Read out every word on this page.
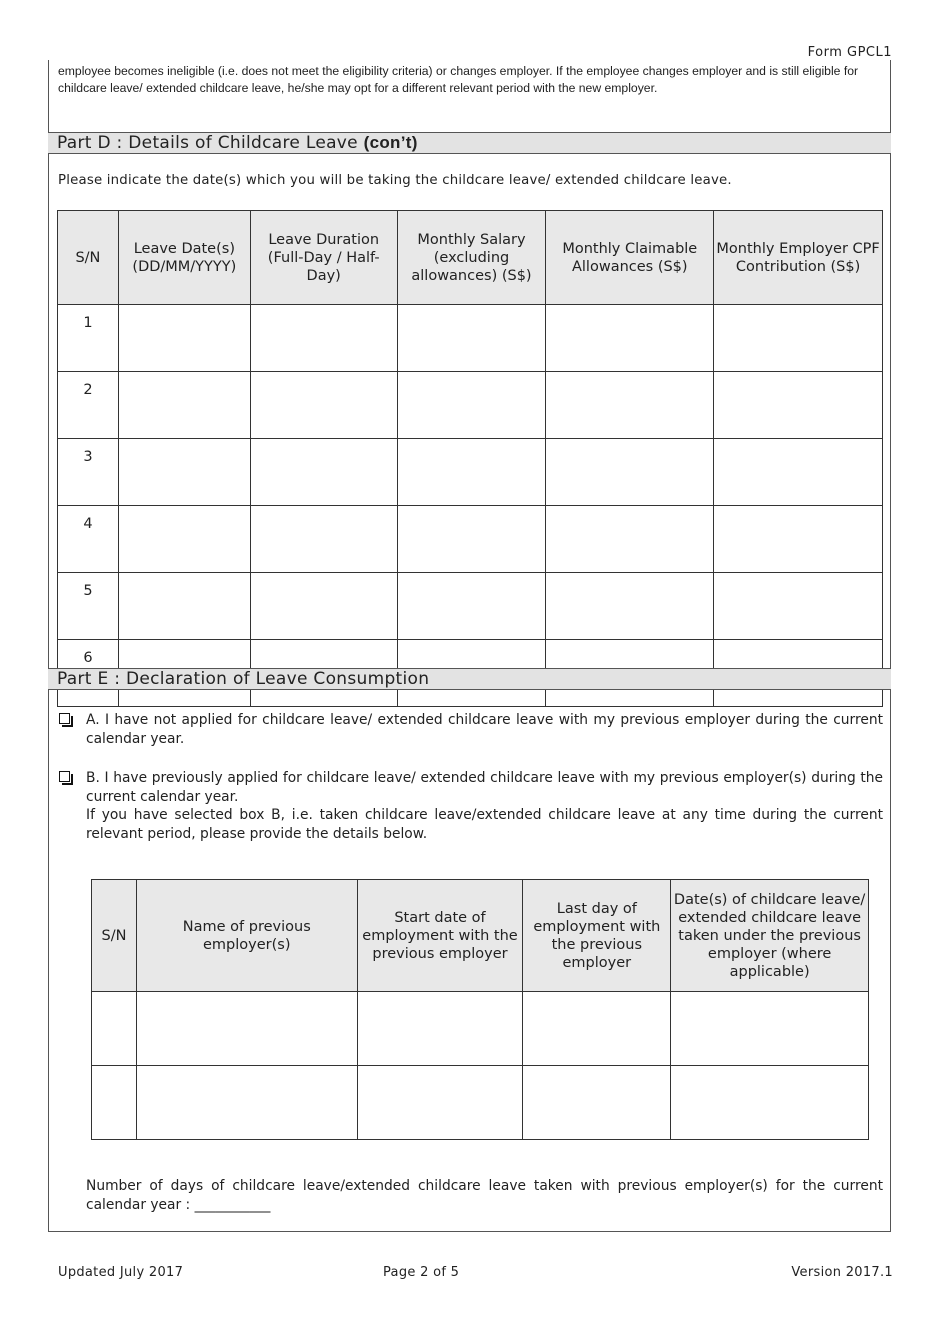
Form GPCL1
employee becomes ineligible (i.e. does not meet the eligibility criteria) or changes employer. If the employee changes employer and is still eligible for childcare leave/ extended childcare leave, he/she may opt for a different relevant period with the new employer.
Part D : Details of Childcare Leave (con’t)
Please indicate the date(s) which you will be taking the childcare leave/ extended childcare leave.
S/N	Leave Date(s) (DD/MM/YYYY)	Leave Duration (Full-Day / Half-Day)	Monthly Salary (excluding allowances) (S$)	Monthly Claimable Allowances (S$)	Monthly Employer CPF Contribution (S$)
1					
2					
3					
4					
5					
6					
Part E : Declaration of Leave Consumption

A. I have not applied for childcare leave/ extended childcare leave with my previous employer during the current calendar year.

B. I have previously applied for childcare leave/ extended childcare leave with my previous employer(s) during the current calendar year.

If you have selected box B, i.e. taken childcare leave/extended childcare leave at any time during the current relevant period, please provide the details below.

S/N	Name of previous employer(s)	Start date of employment with the previous employer	Last day of employment with the previous employer	Date(s) of childcare leave/ extended childcare leave taken under the previous employer (where applicable)

Number of days of childcare leave/extended childcare leave taken with previous employer(s) for the current calendar year : ___________
Updated July 2017	Page 2 of 5	Version 2017.1
